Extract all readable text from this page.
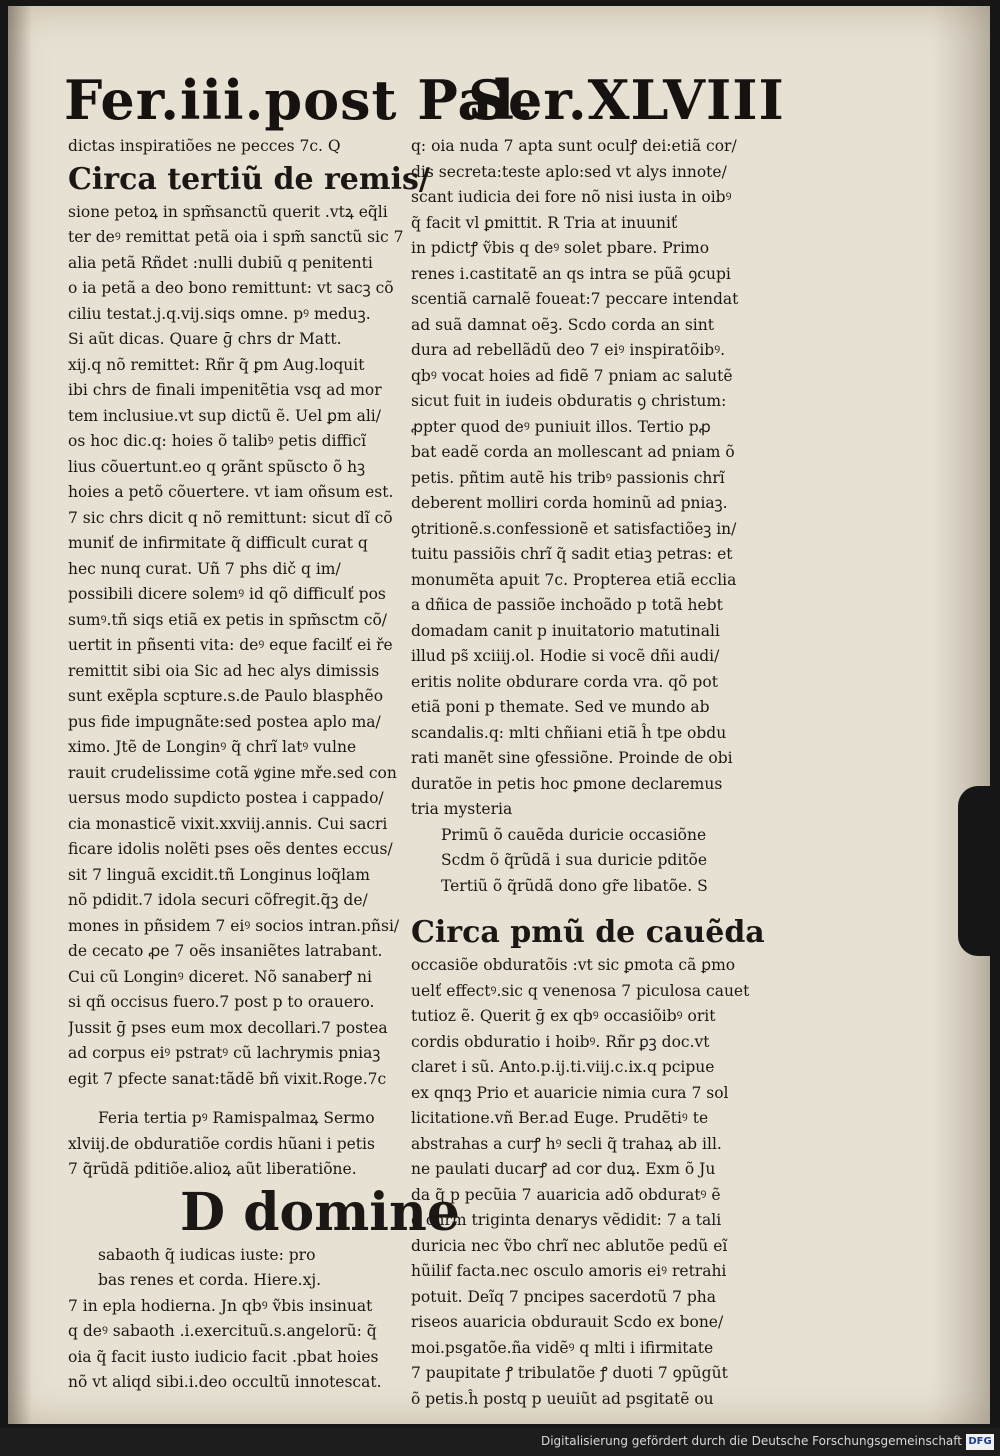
Fer.iii.post Pal.
Ser.XLVIII
dictas inspiratiões ne pecces 7c. Q
Circa tertiũ de remis/
sione petoꝝ in spm̃sanctũ querit .vtꝝ eq̃li
ter deꝰ remittat petã oia i spm̃ sanctũ sic 7
alia petã Rñdet :nulli dubiũ q penitenti
o ia petã a deo bono remittunt: vt sacꝫ cõ
ciliu testat.j.q.vij.siqs omne. pꝰ meduꝫ.
Si aũt dicas. Quare ḡ chrs dr Matt.
xij.q nõ remittet: Rñr q̃ ꝑm Aug.loquit
ibi chrs de finali impenitẽtia vsq ad mor
tem inclusiue.vt sup dictũ ẽ. Uel ꝑm ali/
os hoc dic.q: hoies õ talibꝰ petis difficĩ
lius cõuertunt.eo q ꝯrãnt spũscto õ hꝫ
hoies a petõ cõuertere. vt iam oñsum est.
7 sic chrs dicit q nõ remittunt: sicut dĩ cõ
muniť de infirmitate q̃ difficult curat q
hec nunq curat. Uñ 7 phs dič q im/
possibili dicere solemꝰ id qõ difficulť pos
sumꝰ.tñ siqs etiã ex petis in spm̃sctm cõ/
uertit in pñsenti vita: deꝰ eque facilť ei ře
remittit sibi oia Sic ad hec alys dimissis
sunt exẽpla scpture.s.de Paulo blasphẽo
pus fide impugnãte:sed postea aplo ma/
ximo. Jtẽ de Longinꝰ q̃ chrĩ latꝰ vulne
rauit crudelissime cotã ꝟgine mře.sed con
uersus modo supdicto postea i cappado/
cia monasticẽ vixit.xxviij.annis. Cui sacri
ficare idolis nolẽti pses oẽs dentes eccus/
sit 7 linguã excidit.tñ Longinus loq̃lam
nõ pdidit.7 idola securi cõfregit.q̃ꝫ de/
mones in pñsidem 7 eiꝰ socios intran.pñsi/
de cecato ꝓe 7 oẽs insaniẽtes latrabant.
Cui cũ Longinꝰ diceret. Nõ sanaberꝭ ni
si qñ occisus fuero.7 post p to orauero.
Jussit ḡ pses eum mox decollari.7 postea
ad corpus eiꝰ pstratꝰ cũ lachrymis pniaꝫ
egit 7 pfecte sanat:tãdẽ bñ vixit.Roge.7c
Feria tertia pꝰ Ramispalmaꝝ Sermo
xlviij.de obduratiõe cordis hũani i petis
7 q̃rũdã pditiõe.alioꝝ aũt liberatiõne.
D domine
sabaoth q̃ iudicas iuste: pro
bas renes et corda. Hiere.xj.
7 in epla hodierna. Jn qbꝰ ṽbis insinuat
q deꝰ sabaoth .i.exercituũ.s.angelorũ: q̃
oia q̃ facit iusto iudicio facit .pbat hoies
nõ vt aliqd sibi.i.deo occultũ innotescat.
q: oia nuda 7 apta sunt oculꝭ dei:etiã cor/
dis secreta:teste aplo:sed vt alys innote/
scant iudicia dei fore nõ nisi iusta in oibꝰ
q̃ facit vl ꝑmittit. R Tria at inuuniť
in pdictꝭ ṽbis q deꝰ solet pbare. Primo
renes i.castitatẽ an qs intra se pũã ꝯcupi
scentiã carnalẽ foueat:7 peccare intendat
ad suã damnat oẽꝫ. Scdo corda an sint
dura ad rebellãdũ deo 7 eiꝰ inspiratõibꝰ.
qbꝰ vocat hoies ad fidẽ 7 pniam ac salutẽ
sicut fuit in iudeis obduratis ꝯ christum:
ꝓpter quod deꝰ puniuit illos. Tertio pꝓ
bat eadẽ corda an mollescant ad pniam õ
petis. pñtim autẽ his tribꝰ passionis chrĩ
deberent molliri corda hominũ ad pniaꝫ.
ꝯtritionẽ.s.confessionẽ et satisfactiõeꝫ in/
tuitu passiõis chrĩ q̃ sadit etiaꝫ petras: et
monumẽta apuit 7c. Propterea etiã ecclia
a dñica de passiõe inchoãdo p totã hebt
domadam canit p inuitatorio matutinali
illud ps̃ xciiij.ol. Hodie si vocẽ dñi audi/
eritis nolite obdurare corda vra. qõ pot
etiã poni p themate. Sed ve mundo ab
scandalis.q: mlti chñiani etiã ĥ tpe obdu
rati manẽt sine ꝯfessiõne. Proinde de obi
duratõe in petis hoc ꝑmone declaremus
tria mysteria
Primũ õ cauẽda duricie occasiõne
Scdm õ q̃rũdã i sua duricie pditõe
Tertiũ õ q̃rũdã dono gr̃e libatõe. S
Circa pmũ de cauẽda
occasiõe obduratõis :vt sic ꝑmota cã ꝑmo
uelť effectꝰ.sic q venenosa 7 piculosa cauet
tutioz ẽ. Querit ḡ ex qbꝰ occasiõibꝰ orit
cordis obduratio i hoibꝰ. Rñr ꝑꝫ doc.vt
claret i sũ. Anto.p.ij.ti.viij.c.ix.q pcipue
ex qnqꝫ Prio et auaricie nimia cura 7 sol
licitatione.vñ Ber.ad Euge. Prudẽtiꝰ te
abstrahas a curꝭ hꝰ secli q̃ trahaꝝ ab ill.
ne paulati ducarꝭ ad cor duꝝ. Exm õ Ju
da q̃ p pecũia 7 auaricia adõ obduratꝰ ẽ
q chrm triginta denarys vẽdidit: 7 a tali
duricia nec ṽbo chrĩ nec ablutõe pedũ eĩ
hũilif facta.nec osculo amoris eiꝰ retrahi
potuit. Deĩq 7 pncipes sacerdotũ 7 pha
riseos auaricia obdurauit Scdo ex bone/
moi.psgatõe.ña vidẽꝰ q mlti i ifirmitate
7 paupitate ꝭ tribulatõe ꝭ duoti 7 ꝯpũgũt
õ petis.ĥ postq p ueuiũt ad psgitatẽ ou
Digitalisierung gefördert durch die Deutsche Forschungsgemeinschaft DFG
